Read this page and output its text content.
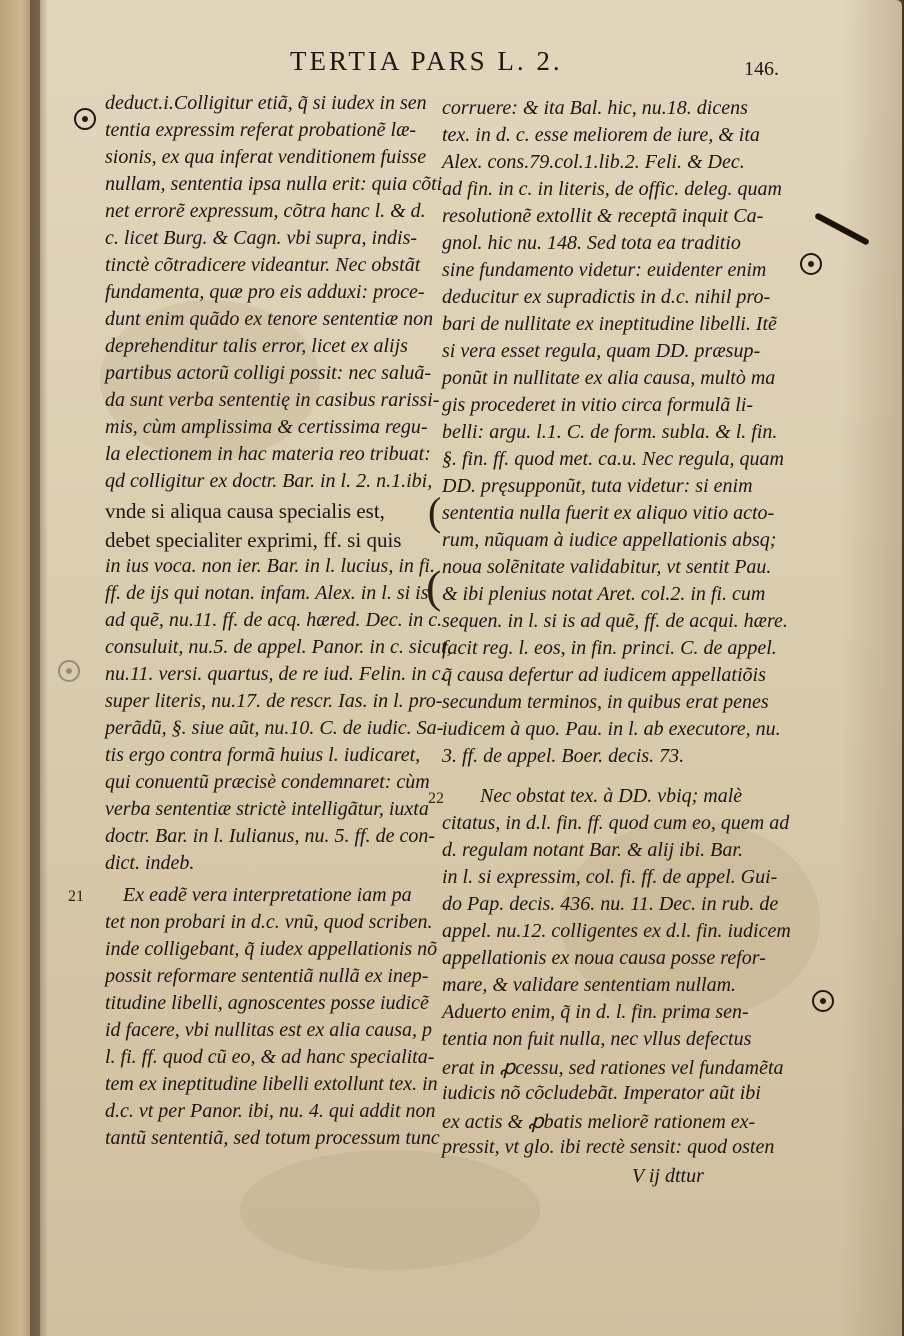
TERTIA PARS L. 2.	146.
(
(
21
22
deduct.i.Colligitur etiã, q̃ si iudex in sen
tentia expressim referat probationẽ læ-
sionis, ex qua inferat venditionem fuisse
nullam, sententia ipsa nulla erit: quia cõti
net errorẽ expressum, cõtra hanc l. & d.
c. licet Burg. & Cagn. vbi supra, indis-
tinctè cõtradicere videantur. Nec obstãt
fundamenta, quæ pro eis adduxi: proce-
dunt enim quãdo ex tenore sententiæ non
deprehenditur talis error, licet ex alijs
partibus actorũ colligi possit: nec saluã-
da sunt verba sententię in casibus rarissi-
mis, cùm amplissima & certissima regu-
la electionem in hac materia reo tribuat:
qd colligitur ex doctr. Bar. in l. 2. n.1.ibi,
vnde si aliqua causa specialis est,
debet specialiter exprimi, ff. si quis
in ius voca. non ier. Bar. in l. lucius, in fi.
ff. de ijs qui notan. infam. Alex. in l. si is
ad quẽ, nu.11. ff. de acq. hæred. Dec. in c.
consuluit, nu.5. de appel. Panor. in c. sicut,
nu.11. versi. quartus, de re iud. Felin. in c.
super literis, nu.17. de rescr. Ias. in l. pro-
perãdũ, §. siue aũt, nu.10. C. de iudic. Sa-
tis ergo contra formã huius l. iudicaret,
qui conuentũ præcisè condemnaret: cùm
verba sententiæ strictè intelligãtur, iuxta
doctr. Bar. in l. Iulianus, nu. 5. ff. de con-
dict. indeb.
Ex eadẽ vera interpretatione iam pa
tet non probari in d.c. vnũ, quod scriben.
inde colligebant, q̃ iudex appellationis nõ
possit reformare sententiã nullã ex inep-
titudine libelli, agnoscentes posse iudicẽ
id facere, vbi nullitas est ex alia causa, p
l. fi. ff. quod cũ eo, & ad hanc specialita-
tem ex ineptitudine libelli extollunt tex. in
d.c. vt per Panor. ibi, nu. 4. qui addit non
tantũ sententiã, sed totum processum tunc
corruere: & ita Bal. hic, nu.18. dicens
tex. in d. c. esse meliorem de iure, & ita
Alex. cons.79.col.1.lib.2. Feli. & Dec.
ad fin. in c. in literis, de offic. deleg. quam
resolutionẽ extollit & receptã inquit Ca-
gnol. hic nu. 148. Sed tota ea traditio
sine fundamento videtur: euidenter enim
deducitur ex supradictis in d.c. nihil pro-
bari de nullitate ex ineptitudine libelli. Itẽ
si vera esset regula, quam DD. præsup-
ponũt in nullitate ex alia causa, multò ma
gis procederet in vitio circa formulã li-
belli: argu. l.1. C. de form. subla. & l. fin.
§. fin. ff. quod met. ca.u. Nec regula, quam
DD. pręsupponũt, tuta videtur: si enim
sententia nulla fuerit ex aliquo vitio acto-
rum, nũquam à iudice appellationis absq;
noua solẽnitate validabitur, vt sentit Pau.
& ibi plenius notat Aret. col.2. in fi. cum
sequen. in l. si is ad quẽ, ff. de acqui. hære.
facit reg. l. eos, in fin. princi. C. de appel.
q̃ causa defertur ad iudicem appellatiõis
secundum terminos, in quibus erat penes
iudicem à quo. Pau. in l. ab executore, nu.
3. ff. de appel. Boer. decis. 73.
Nec obstat tex. à DD. vbiq; malè
citatus, in d.l. fin. ff. quod cum eo, quem ad
d. regulam notant Bar. & alij ibi. Bar.
in l. si expressim, col. fi. ff. de appel. Gui-
do Pap. decis. 436. nu. 11. Dec. in rub. de
appel. nu.12. colligentes ex d.l. fin. iudicem
appellationis ex noua causa posse refor-
mare, & validare sententiam nullam.
Aduerto enim, q̃ in d. l. fin. prima sen-
tentia non fuit nulla, nec vllus defectus
erat in ꝓcessu, sed rationes vel fundamẽta
iudicis nõ cõcludebãt. Imperator aũt ibi
ex actis & ꝓbatis meliorẽ rationem ex-
pressit, vt glo. ibi rectè sensit: quod osten
V ij dttur
